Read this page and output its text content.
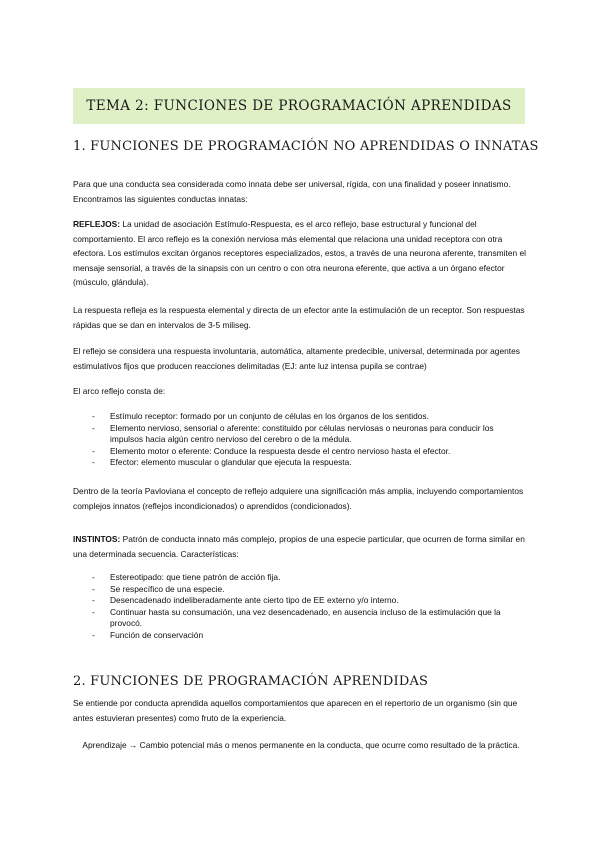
TEMA 2: FUNCIONES DE PROGRAMACIÓN APRENDIDAS
1. FUNCIONES DE PROGRAMACIÓN NO APRENDIDAS O INNATAS

Para que una conducta sea considerada como innata debe ser universal, rígida, con una finalidad y poseer innatismo. Encontramos las siguientes conductas innatas:

REFLEJOS: La unidad de asociación Estímulo-Respuesta, es el arco reflejo, base estructural y funcional del comportamiento. El arco reflejo es la conexión nerviosa más elemental que relaciona una unidad receptora con otra efectora. Los estímulos excitan órganos receptores especializados, estos, a través de una neurona aferente, transmiten el mensaje sensorial, a través de la sinapsis con un centro o con otra neurona eferente, que activa a un órgano efector (músculo, glándula).

La respuesta refleja es la respuesta elemental y directa de un efector ante la estimulación de un receptor. Son respuestas rápidas que se dan en intervalos de 3-5 miliseg.

El reflejo se considera una respuesta involuntaria, automática, altamente predecible, universal, determinada por agentes estimulativos fijos que producen reacciones delimitadas (EJ: ante luz intensa pupila se contrae)

El arco reflejo consta de:

- Estímulo receptor: formado por un conjunto de células en los órganos de los sentidos.
- Elemento nervioso, sensorial o aferente: constituido por células nerviosas o neuronas para conducir los impulsos hacia algún centro nervioso del cerebro o de la médula.
- Elemento motor o eferente: Conduce la respuesta desde el centro nervioso hasta el efector.
- Efector: elemento muscular o glandular que ejecuta la respuesta.

Dentro de la teoría Pavloviana el concepto de reflejo adquiere una significación más amplia, incluyendo comportamientos complejos innatos (reflejos incondicionados) o aprendidos (condicionados).

INSTINTOS: Patrón de conducta innato más complejo, propios de una especie particular, que ocurren de forma similar en una determinada secuencia. Características:

- Estereotipado: que tiene patrón de acción fija.
- Se respecífico de una especie.
- Desencadenado indeliberadamente ante cierto tipo de EE externo y/o interno.
- Continuar hasta su consumación, una vez desencadenado, en ausencia incluso de la estimulación que la provocó.
- Función de conservación
2. FUNCIONES DE PROGRAMACIÓN APRENDIDAS

Se entiende por conducta aprendida aquellos comportamientos que aparecen en el repertorio de un organismo (sin que antes estuvieran presentes) como fruto de la experiencia.

Aprendizaje → Cambio potencial más o menos permanente en la conducta, que ocurre como resultado de la práctica.
